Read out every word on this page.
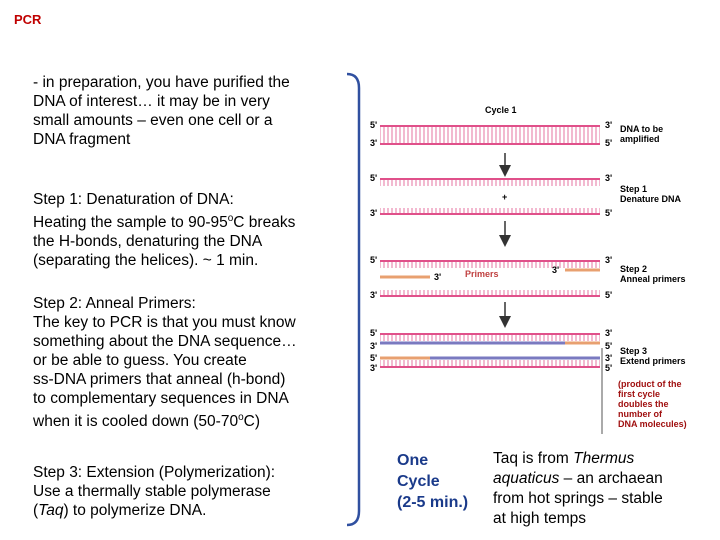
PCR
- in preparation, you have purified the
DNA of interest… it may be in very
small amounts – even one cell or a
DNA fragment
Step 1: Denaturation of DNA:
Heating the sample to 90-95$^o$C breaks
the H-bonds, denaturing the DNA
(separating the helices). ~ 1 min.
Step 2: Anneal Primers:
The key to PCR is that you must know
something about the DNA sequence…
or be able to guess. You create
ss-DNA primers that anneal (h-bond)
to complementary sequences in DNA
when it is cooled down (50-70$^o$C)
Step 3: Extension (Polymerization):
Use a thermally stable polymerase
(Taq) to polymerize DNA.
Cycle 1
5'	3'
3'	5'
DNA to be
amplified
5'	3'
+
3'	5'
Step 1
Denature DNA
5'	3'
3'
3'	Primers
3'	5'
Step 2
Anneal primers
5'	3'
3'	5'
5'	3'
3'	5'
Step 3
Extend primers
(product of the
first cycle
doubles the
number of
DNA molecules)
One
Cycle
(2-5 min.)
Taq is from Thermus
aquaticus – an archaean
from hot springs – stable
at high temps
